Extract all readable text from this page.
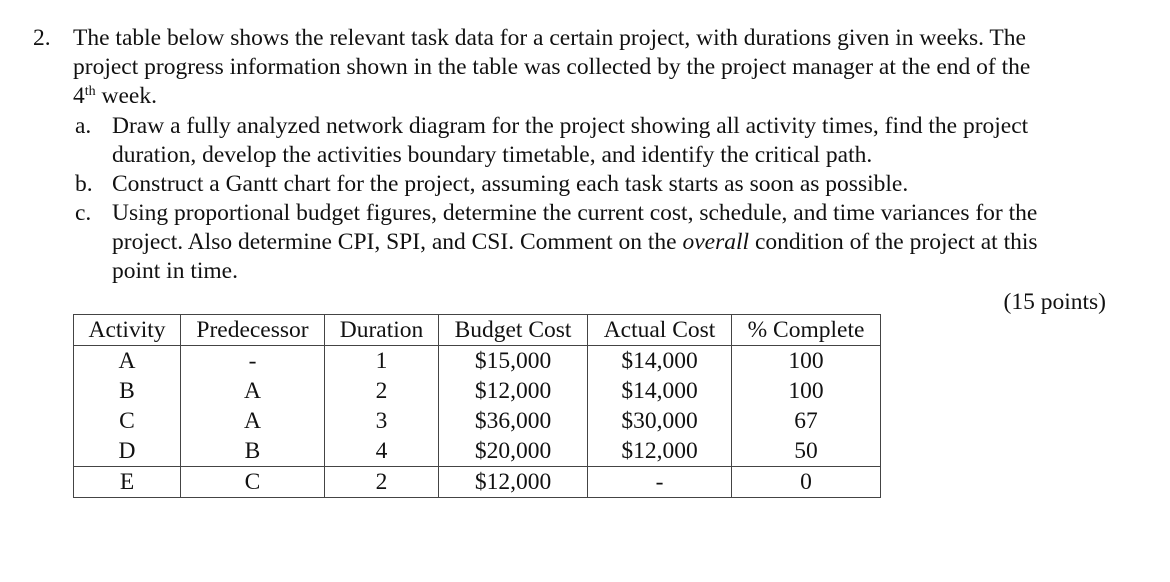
2. The table below shows the relevant task data for a certain project, with durations given in weeks. The
project progress information shown in the table was collected by the project manager at the end of the
4th week.
a. Draw a fully analyzed network diagram for the project showing all activity times, find the project
duration, develop the activities boundary timetable, and identify the critical path.
b. Construct a Gantt chart for the project, assuming each task starts as soon as possible.
c. Using proportional budget figures, determine the current cost, schedule, and time variances for the
project. Also determine CPI, SPI, and CSI. Comment on the overall condition of the project at this
point in time.
(15 points)
Activity	Predecessor	Duration	Budget Cost	Actual Cost	% Complete
A	-	1	$15,000	$14,000	100
B	A	2	$12,000	$14,000	100
C	A	3	$36,000	$30,000	67
D	B	4	$20,000	$12,000	50
E	C	2	$12,000	-	0
